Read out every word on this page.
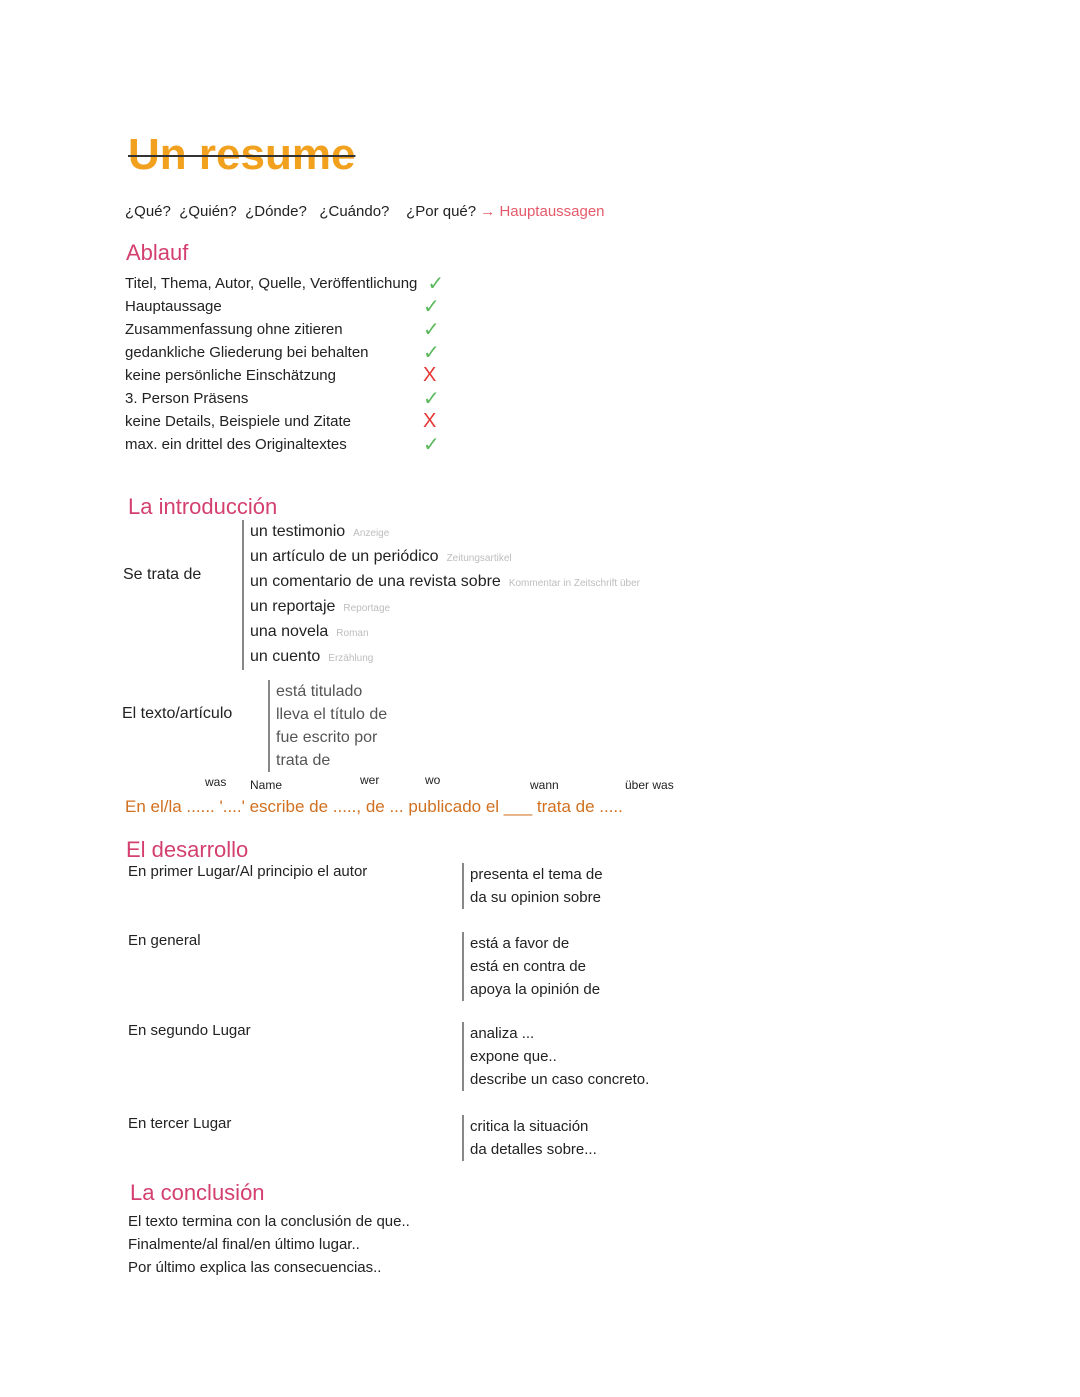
Un resume
¿Qué? ¿Quién? ¿Dónde? ¿Cuándo? ¿Por qué? → Hauptaussagen
Ablauf
Titel, Thema, Autor, Quelle, Veröffentlichung ✓
Hauptaussage	✓
Zusammenfassung ohne zitieren	✓
gedankliche Gliederung bei behalten	✓
keine persönliche Einschätzung	X
3. Person Präsens	✓
keine Details, Beispiele und Zitate	X
max. ein drittel des Originaltextes	✓
La introducción
Se trata de
un testimonio Anzeige
un artículo de un periódico Zeitungsartikel
un comentario de una revista sobre Kommentar in Zeitschrift über
un reportaje Reportage
una novela Roman
un cuento Erzählung
El texto/artículo
está titulado
lleva el título de
fue escrito por
trata de
was Name	wer	wo	wann	über was
En el/la ...... '....' escribe de ....., de ... publicado el ___ trata de .....
El desarrollo
En primer Lugar/Al principio el autor	presenta el tema de
da su opinion sobre
En general	está a favor de
está en contra de
apoya la opinión de
En segundo Lugar	analiza ...
expone que..
describe un caso concreto.
En tercer Lugar	critica la situación
da detalles sobre...
La conclusión
El texto termina con la conclusión de que..
Finalmente/al final/en último lugar..
Por último explica las consecuencias..
